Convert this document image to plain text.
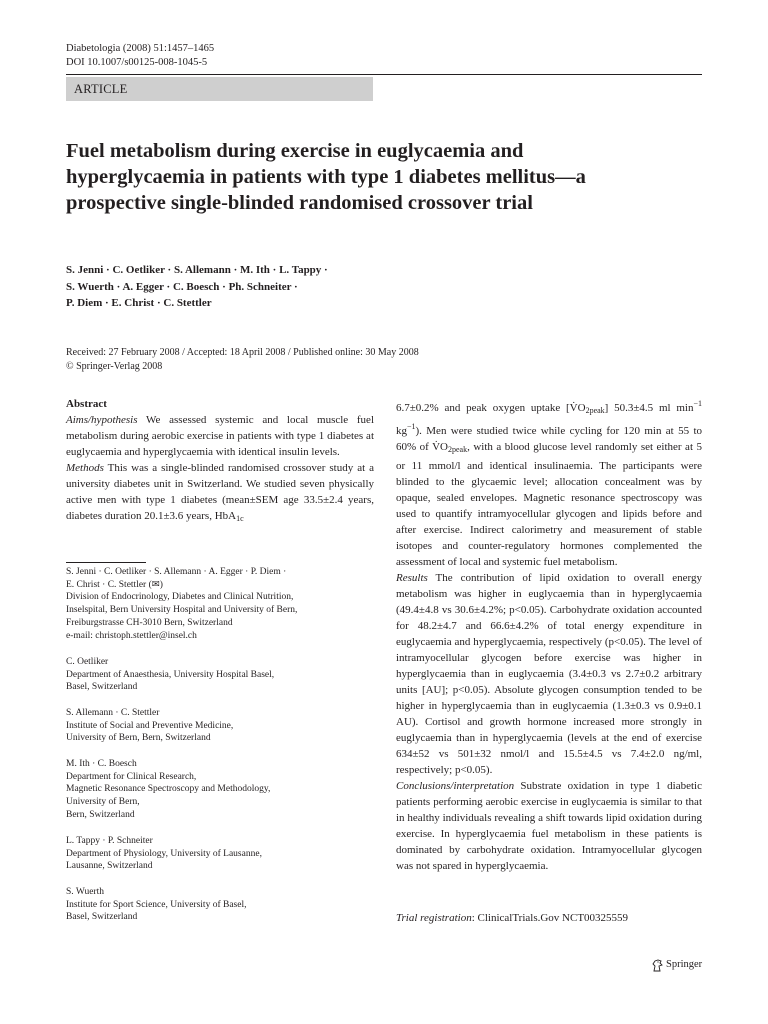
Diabetologia (2008) 51:1457–1465
DOI 10.1007/s00125-008-1045-5
ARTICLE
Fuel metabolism during exercise in euglycaemia and hyperglycaemia in patients with type 1 diabetes mellitus—a prospective single-blinded randomised crossover trial
S. Jenni · C. Oetliker · S. Allemann · M. Ith · L. Tappy ·
S. Wuerth · A. Egger · C. Boesch · Ph. Schneiter ·
P. Diem · E. Christ · C. Stettler
Received: 27 February 2008 / Accepted: 18 April 2008 / Published online: 30 May 2008
© Springer-Verlag 2008
Abstract
Aims/hypothesis We assessed systemic and local muscle fuel metabolism during aerobic exercise in patients with type 1 diabetes at euglycaemia and hyperglycaemia with identical insulin levels.
Methods This was a single-blinded randomised crossover study at a university diabetes unit in Switzerland. We studied seven physically active men with type 1 diabetes (mean±SEM age 33.5±2.4 years, diabetes duration 20.1±3.6 years, HbA$_{1c}$
S. Jenni · C. Oetliker · S. Allemann · A. Egger · P. Diem ·
E. Christ · C. Stettler (✉)
Division of Endocrinology, Diabetes and Clinical Nutrition,
Inselspital, Bern University Hospital and University of Bern,
Freiburgstrasse CH-3010 Bern, Switzerland
e-mail: christoph.stettler@insel.ch
C. Oetliker
Department of Anaesthesia, University Hospital Basel,
Basel, Switzerland
S. Allemann · C. Stettler
Institute of Social and Preventive Medicine,
University of Bern, Bern, Switzerland
M. Ith · C. Boesch
Department for Clinical Research,
Magnetic Resonance Spectroscopy and Methodology,
University of Bern,
Bern, Switzerland
L. Tappy · P. Schneiter
Department of Physiology, University of Lausanne,
Lausanne, Switzerland
S. Wuerth
Institute for Sport Science, University of Basel,
Basel, Switzerland
6.7±0.2% and peak oxygen uptake $[V̇O_{2peak}]$ 50.3±4.5 ml $\min^{-1} kg^{-1}$). Men were studied twice while cycling for 120 min at 55 to 60% of $V̇O_{2peak}$, with a blood glucose level randomly set either at 5 or 11 mmol/l and identical insulinaemia. The participants were blinded to the glycaemic level; allocation concealment was by opaque, sealed envelopes. Magnetic resonance spectroscopy was used to quantify intramyocellular glycogen and lipids before and after exercise. Indirect calorimetry and measurement of stable isotopes and counter-regulatory hormones complemented the assessment of local and systemic fuel metabolism.
Results The contribution of lipid oxidation to overall energy metabolism was higher in euglycaemia than in hyperglycaemia (49.4±4.8 vs 30.6±4.2%; p<0.05). Carbohydrate oxidation accounted for 48.2±4.7 and 66.6±4.2% of total energy expenditure in euglycaemia and hyperglycaemia, respectively (p<0.05). The level of intramyocellular glycogen before exercise was higher in hyperglycaemia than in euglycaemia (3.4±0.3 vs 2.7±0.2 arbitrary units [AU]; p<0.05). Absolute glycogen consumption tended to be higher in hyperglycaemia than in euglycaemia (1.3±0.3 vs 0.9±0.1 AU). Cortisol and growth hormone increased more strongly in euglycaemia than in hyperglycaemia (levels at the end of exercise 634±52 vs 501±32 nmol/l and 15.5±4.5 vs 7.4±2.0 ng/ml, respectively; p<0.05).
Conclusions/interpretation Substrate oxidation in type 1 diabetic patients performing aerobic exercise in euglycaemia is similar to that in healthy individuals revealing a shift towards lipid oxidation during exercise. In hyperglycaemia fuel metabolism in these patients is dominated by carbohydrate oxidation. Intramyocellular glycogen was not spared in hyperglycaemia.
Trial registration: ClinicalTrials.Gov NCT00325559
Springer
